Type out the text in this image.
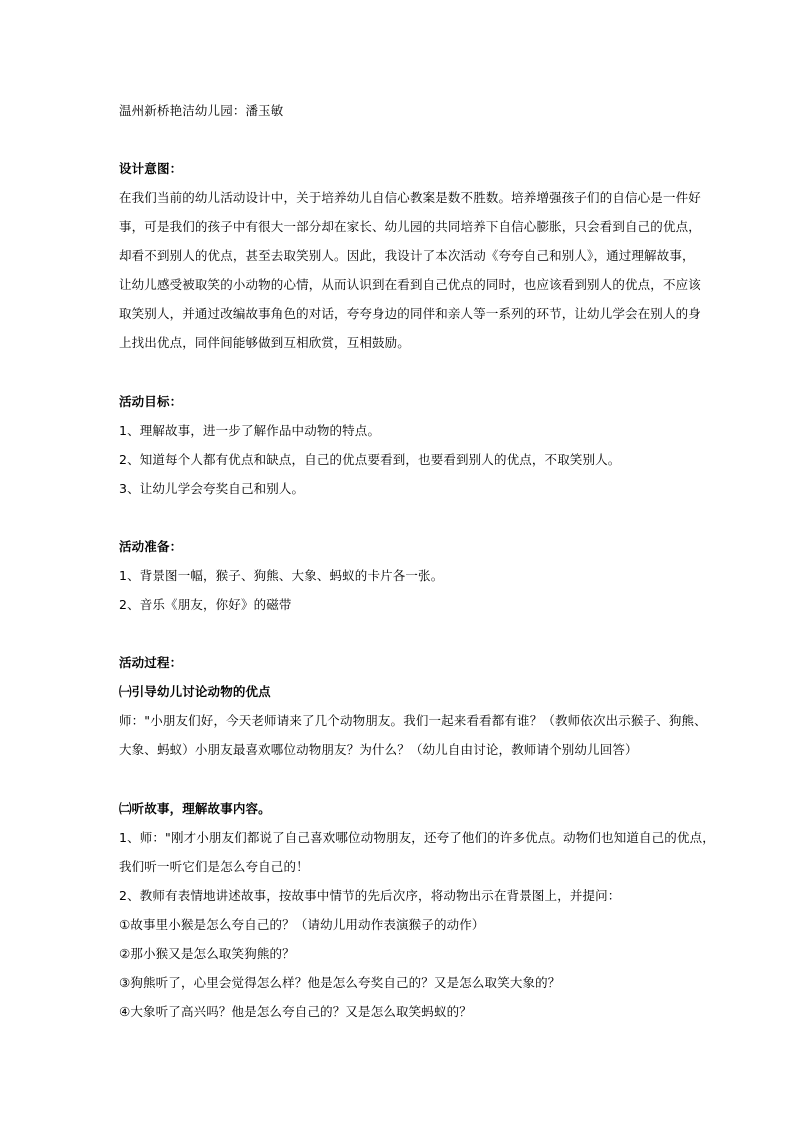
温州新桥艳洁幼儿园：潘玉敏
设计意图：
在我们当前的幼儿活动设计中，关于培养幼儿自信心教案是数不胜数。培养增强孩子们的自信心是一件好
事，可是我们的孩子中有很大一部分却在家长、幼儿园的共同培养下自信心膨胀，只会看到自己的优点，
却看不到别人的优点，甚至去取笑别人。因此，我设计了本次活动《夸夸自己和别人》，通过理解故事，
让幼儿感受被取笑的小动物的心情，从而认识到在看到自己优点的同时，也应该看到别人的优点，不应该
取笑别人，并通过改编故事角色的对话，夸夸身边的同伴和亲人等一系列的环节，让幼儿学会在别人的身
上找出优点，同伴间能够做到互相欣赏，互相鼓励。
活动目标：
1、理解故事，进一步了解作品中动物的特点。
2、知道每个人都有优点和缺点，自己的优点要看到，也要看到别人的优点，不取笑别人。
3、让幼儿学会夸奖自己和别人。
活动准备：
1、背景图一幅，猴子、狗熊、大象、蚂蚁的卡片各一张。
2、音乐《朋友，你好》的磁带
活动过程：
㈠引导幼儿讨论动物的优点
师："小朋友们好，今天老师请来了几个动物朋友。我们一起来看看都有谁？（教师依次出示猴子、狗熊、
大象、蚂蚁）小朋友最喜欢哪位动物朋友？为什么？（幼儿自由讨论，教师请个别幼儿回答）
㈡听故事，理解故事内容。
1、师："刚才小朋友们都说了自己喜欢哪位动物朋友，还夸了他们的许多优点。动物们也知道自己的优点，
我们听一听它们是怎么夸自己的！
2、教师有表情地讲述故事，按故事中情节的先后次序，将动物出示在背景图上，并提问：
①故事里小猴是怎么夸自己的？（请幼儿用动作表演猴子的动作）
②那小猴又是怎么取笑狗熊的？
③狗熊听了，心里会觉得怎么样？他是怎么夸奖自己的？又是怎么取笑大象的？
④大象听了高兴吗？他是怎么夸自己的？又是怎么取笑蚂蚁的？
